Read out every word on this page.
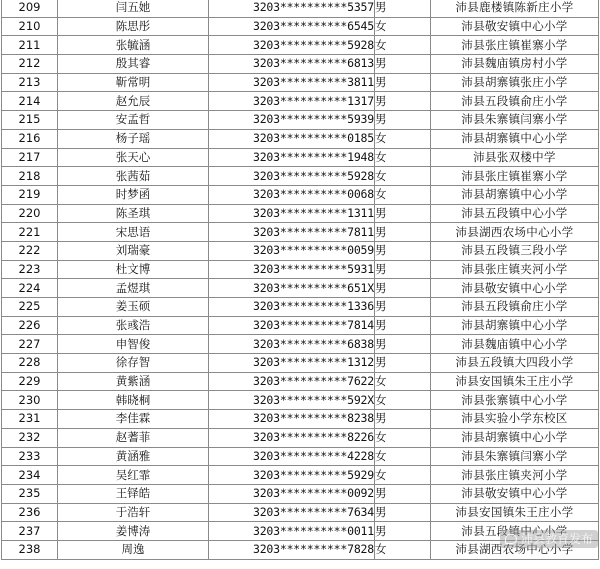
209	闫五她	3203**********5357	男	沛县鹿楼镇陈新庄小学
210	陈思彤	3203**********6545	女	沛县敬安镇中心小学
211	张毓涵	3203**********5928	女	沛县张庄镇崔寨小学
212	殷其睿	3203**********6813	男	沛县魏庙镇房村小学
213	靳常明	3203**********3811	男	沛县胡寨镇张庄小学
214	赵允辰	3203**********1317	男	沛县五段镇俞庄小学
215	安孟哲	3203**********5939	男	沛县朱寨镇闫寨小学
216	杨子瑶	3203**********0185	女	沛县胡寨镇中心小学
217	张天心	3203**********1948	女	沛县张双楼中学
218	张茜茹	3203**********5928	女	沛县张庄镇崔寨小学
219	时梦函	3203**********0068	女	沛县胡寨镇中心小学
220	陈圣琪	3203**********1311	男	沛县五段镇中心小学
221	宋思语	3203**********7811	男	沛县湖西农场中心小学
222	刘瑞豪	3203**********0059	男	沛县五段镇三段小学
223	杜文博	3203**********5931	男	沛县张庄镇夹河小学
224	孟煜琪	3203**********651X	男	沛县敬安镇中心小学
225	姜玉硕	3203**********1336	男	沛县五段镇俞庄小学
226	张彧浩	3203**********7814	男	沛县胡寨镇中心小学
227	申智俊	3203**********6838	男	沛县魏庙镇中心小学
228	徐存智	3203**********1312	男	沛县五段镇大四段小学
229	黄紫涵	3203**********7622	女	沛县安国镇朱王庄小学
230	韩晓桐	3203**********592X	女	沛县张寨镇中心小学
231	李佳霖	3203**********8238	男	沛县实验小学东校区
232	赵蓍菲	3203**********8226	女	沛县胡寨镇中心小学
233	黄涵雅	3203**********4228	女	沛县朱寨镇闫寨小学
234	吴红霏	3203**********5929	女	沛县张庄镇夹河小学
235	王铎皓	3203**********0092	男	沛县敬安镇中心小学
236	于浩轩	3203**********7634	男	沛县安国镇朱王庄小学
237	姜博涛	3203**********0011	男	沛县五段镇中心小学
238	周逸	3203**********7828	女	沛县湖西农场中心小学
沛县教育发布
